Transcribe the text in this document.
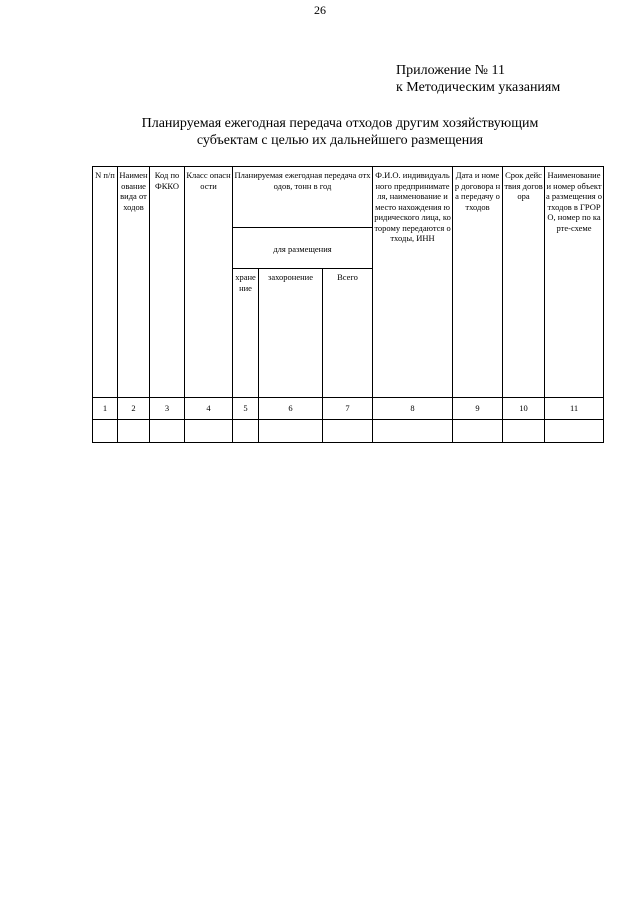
26
Приложение № 11
к Методическим указаниям
Планируемая ежегодная передача отходов другим хозяйствующим
субъектам с целью их дальнейшего размещения
N п/п	Наименование вида отходов	Код по ФККО	Класс опасности	Планируемая ежегодная передача отходов, тонн в год			Ф.И.О. индивидуального предпринимателя, наименование и место нахождения юридического лица, которому передаются отходы, ИНН	Дата и номер договора на передачу отходов	Срок действия договора	Наименование и номер объекта размещения отходов в ГРОРО, номер по карте-схеме
				для размещения						
				хранение	захоронение	Всего				
1	2	3	4	5	6	7	8	9	10	11
